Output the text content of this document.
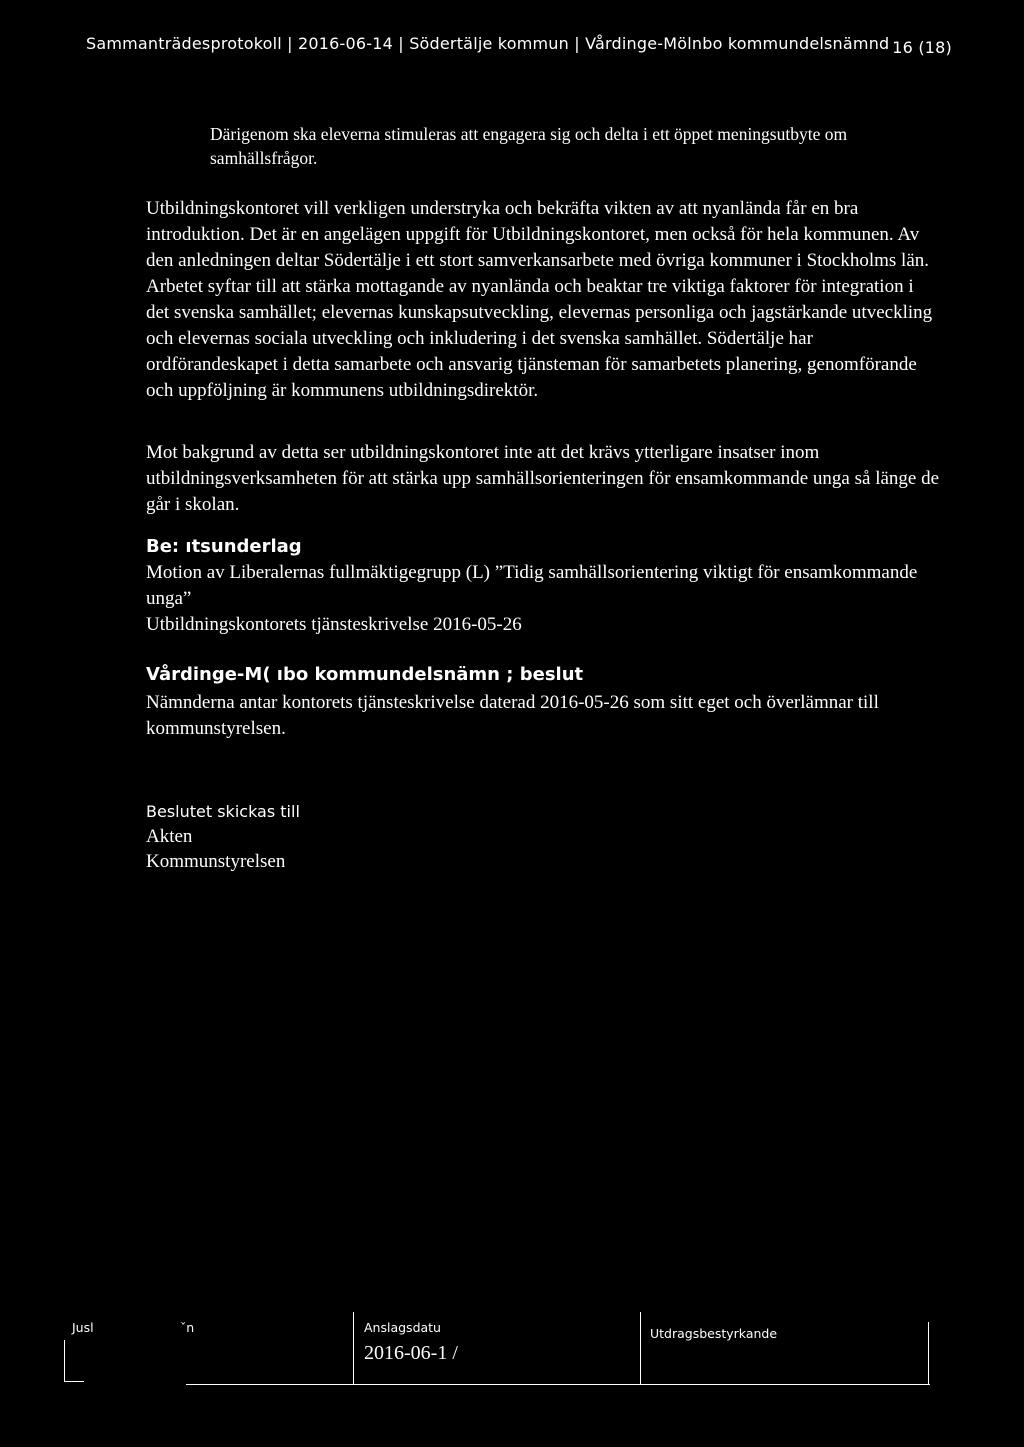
Sammanträdesprotokoll | 2016-06-14 | Södertälje kommun | Vårdinge-Mölnbo kommundelsnämnd 16 (18)
Därigenom ska eleverna stimuleras att engagera sig och delta i ett öppet meningsutbyte om samhällsfrågor.
Utbildningskontoret vill verkligen understryka och bekräfta vikten av att nyanlända får en bra introduktion. Det är en angelägen uppgift för Utbildningskontoret, men också för hela kommunen. Av den anledningen deltar Södertälje i ett stort samverkansarbete med övriga kommuner i Stockholms län. Arbetet syftar till att stärka mottagande av nyanlända och beaktar tre viktiga faktorer för integration i det svenska samhället; elevernas kunskapsutveckling, elevernas personliga och jagstärkande utveckling och elevernas sociala utveckling och inkludering i det svenska samhället. Södertälje har ordförandeskapet i detta samarbete och ansvarig tjänsteman för samarbetets planering, genomförande och uppföljning är kommunens utbildningsdirektör.
Mot bakgrund av detta ser utbildningskontoret inte att det krävs ytterligare insatser inom utbildningsverksamheten för att stärka upp samhällsorienteringen för ensamkommande unga så länge de går i skolan.
Be: ıtsunderlag
Motion av Liberalernas fullmäktigegrupp (L) ”Tidig samhällsorientering viktigt för ensamkommande unga”
Utbildningskontorets tjänsteskrivelse 2016-05-26
Vårdinge-M( ıbo kommundelsnämn ; beslut
Nämnderna antar kontorets tjänsteskrivelse daterad 2016-05-26 som sitt eget och överlämnar till kommunstyrelsen.
Beslutet skickas till
Akten
Kommunstyrelsen
Jusl	ˇn	Anslagsdatu
2016-06-1 /
Utdragsbestyrkande
